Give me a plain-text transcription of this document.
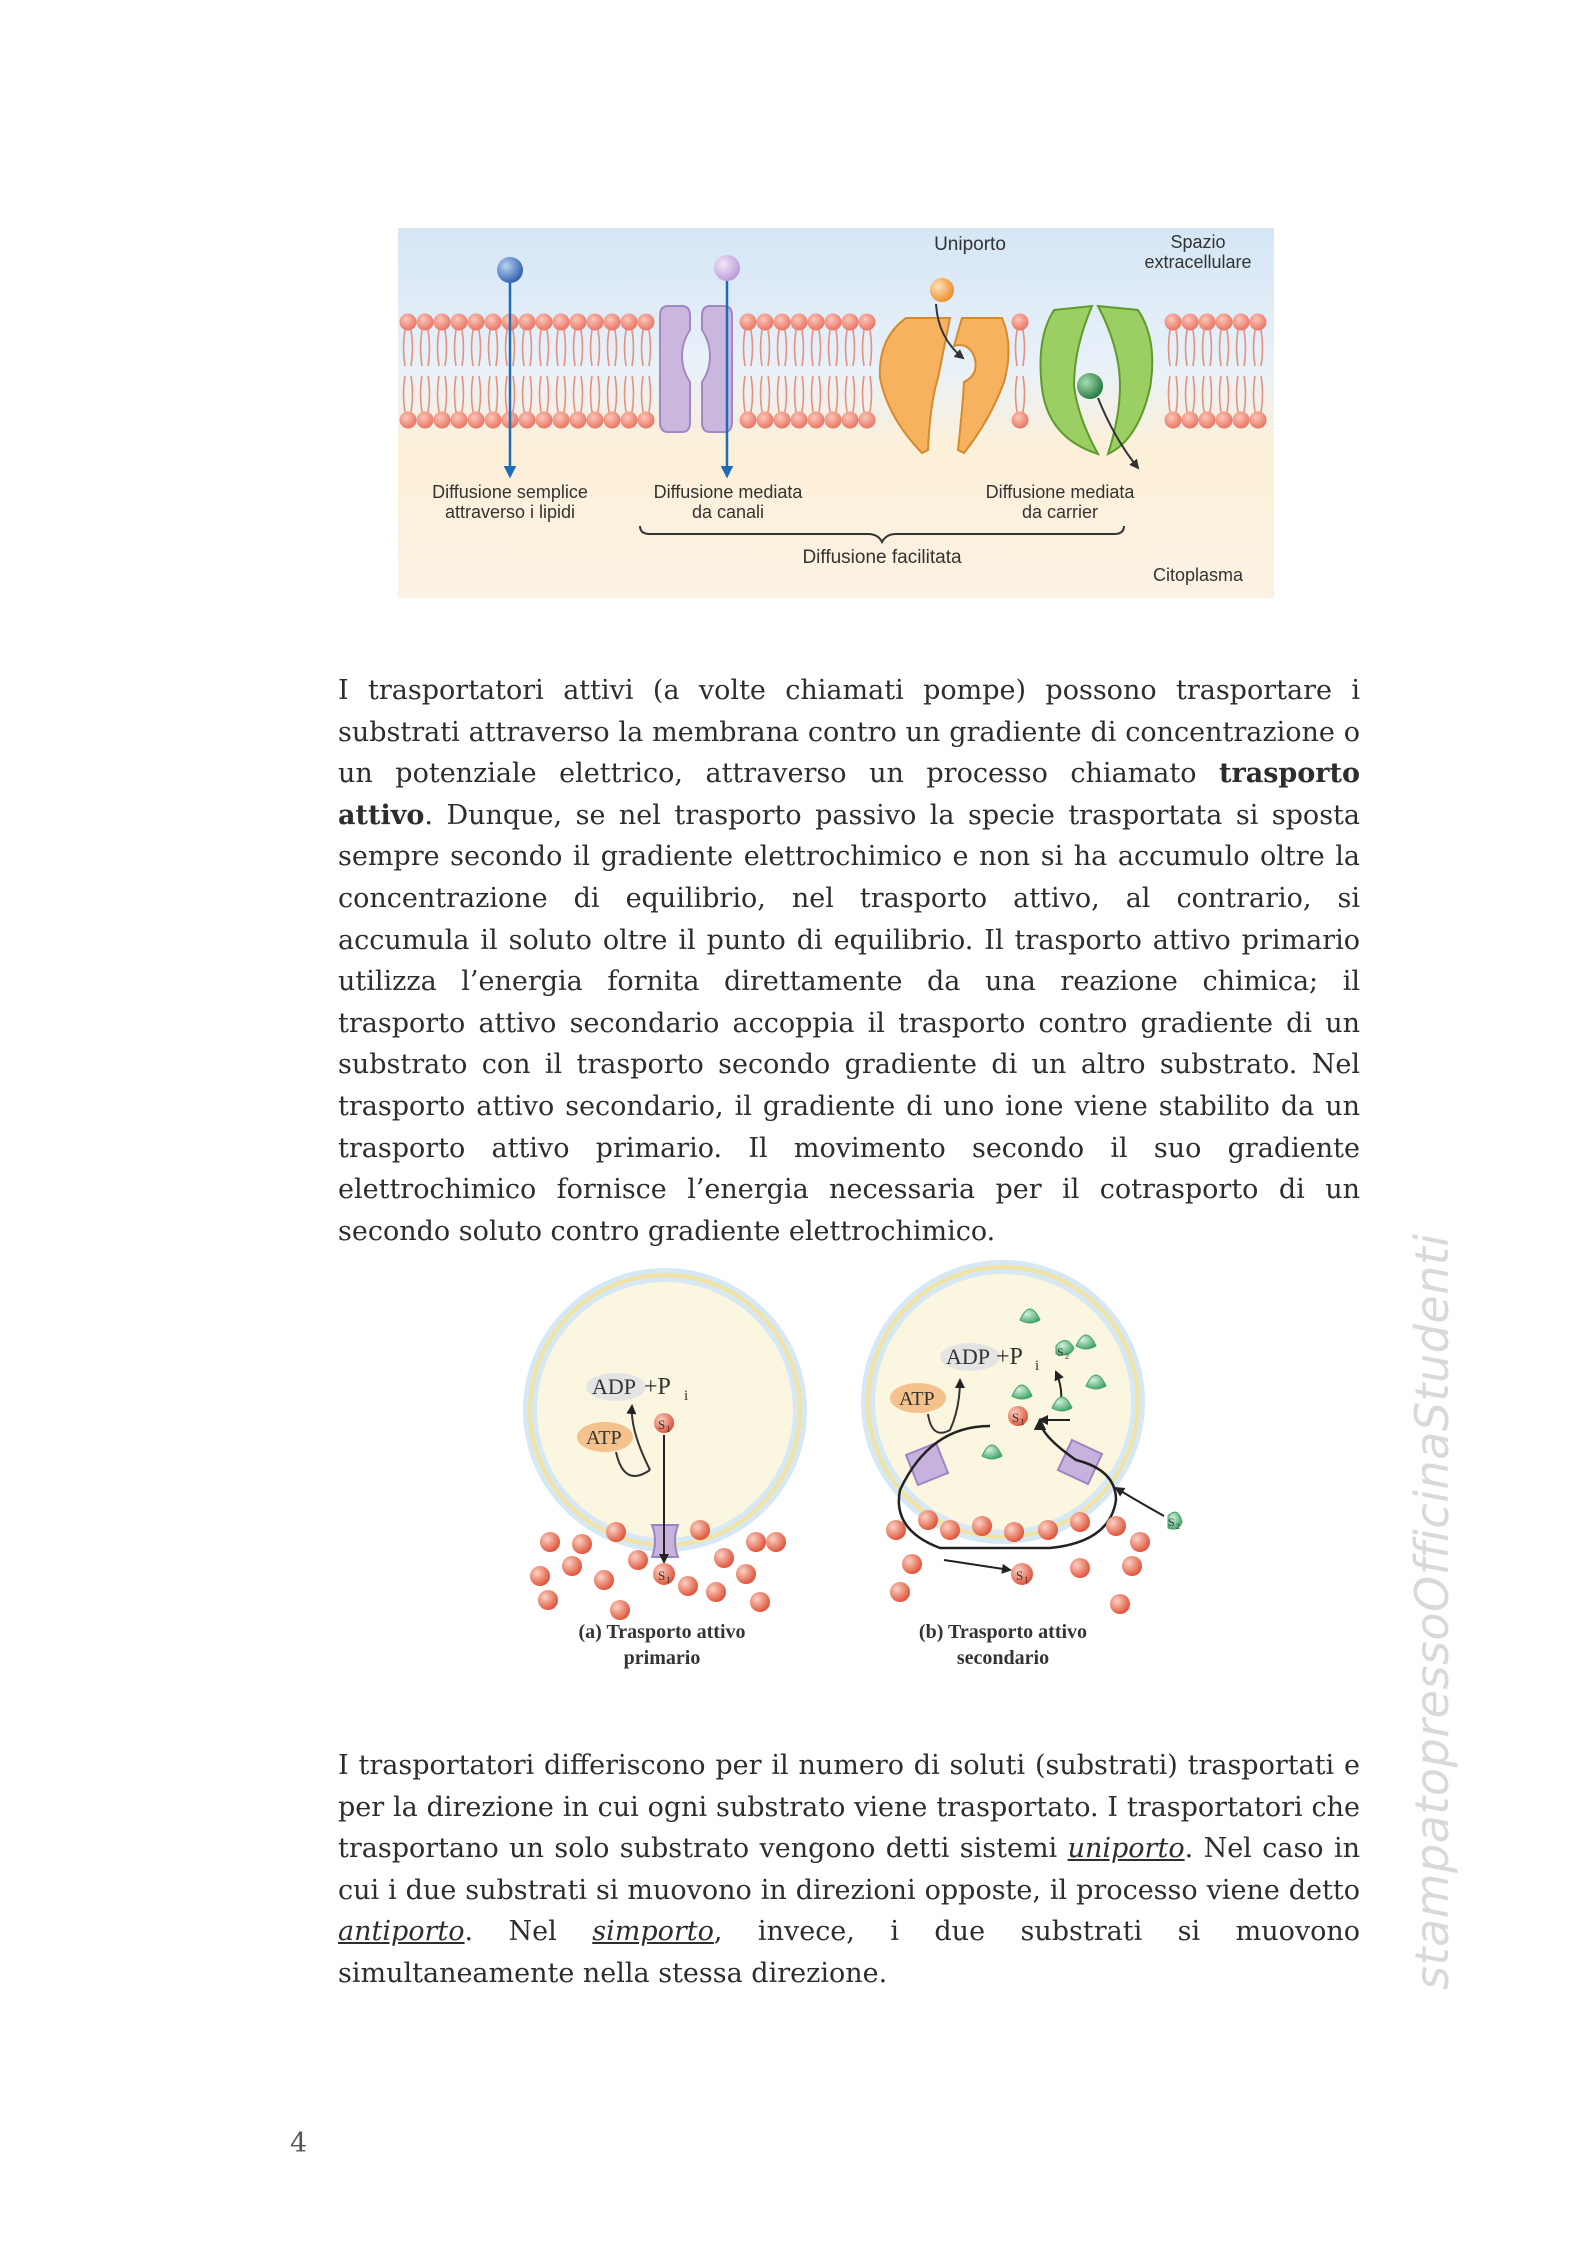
Uniporto	Spazio
extracellulare
Diffusione semplice
attraverso i lipidi
Diffusione mediata
da canali
Diffusione mediata
da carrier
Diffusione facilitata
Citoplasma
I trasportatori attivi (a volte chiamati pompe) possono trasportare i substrati attraverso la membrana contro un gradiente di concentrazione o un potenziale elettrico, attraverso un processo chiamato trasporto attivo. Dunque, se nel trasporto passivo la specie trasportata si sposta sempre secondo il gradiente elettrochimico e non si ha accumulo oltre la concentrazione di equilibrio, nel trasporto attivo, al contrario, si accumula il soluto oltre il punto di equilibrio. Il trasporto attivo primario utilizza l’energia fornita direttamente da una reazione chimica; il trasporto attivo secondario accoppia il trasporto contro gradiente di un substrato con il trasporto secondo gradiente di un altro substrato. Nel trasporto attivo secondario, il gradiente di uno ione viene stabilito da un trasporto attivo primario. Il movimento secondo il suo gradiente elettrochimico fornisce l’energia necessaria per il cotrasporto di un secondo soluto contro gradiente elettrochimico.
ADP +P i
ATP
S 1
S 1
ADP +P i
ATP
S 1
S 1
S 2
S 2
(a) Trasporto attivo
primario
(b) Trasporto attivo
secondario
I trasportatori differiscono per il numero di soluti (substrati) trasportati e per la direzione in cui ogni substrato viene trasportato. I trasportatori che trasportano un solo substrato vengono detti sistemi uniporto. Nel caso in cui i due substrati si muovono in direzioni opposte, il processo viene detto antiporto. Nel simporto, invece, i due substrati si muovono simultaneamente nella stessa direzione.
4
stampatopressoOfficinaStudenti
